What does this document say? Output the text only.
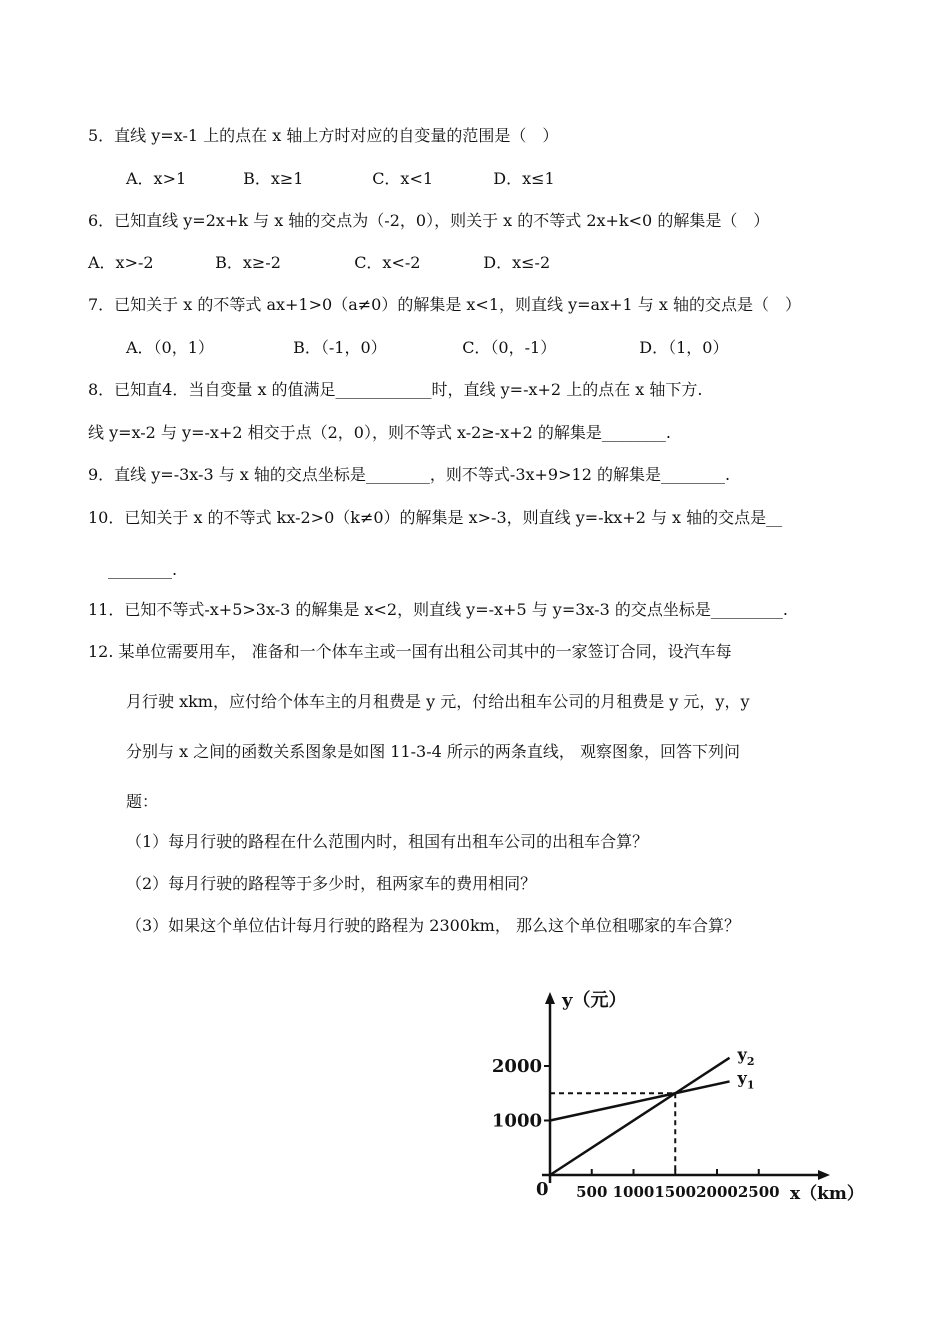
5．直线 y=x-1 上的点在 x 轴上方时对应的自变量的范围是（　）
A．x>1	B．x≥1	C．x<1	D．x≤1
6．已知直线 y=2x+k 与 x 轴的交点为（-2，0），则关于 x 的不等式 2x+k<0 的解集是（　）
A．x>-2	B．x≥-2	C．x<-2	D．x≤-2
7．已知关于 x 的不等式 ax+1>0（a≠0）的解集是 x<1，则直线 y=ax+1 与 x 轴的交点是（　）
A．（0，1）	B．（-1，0）	C．（0，-1）	D．（1，0）
8．已知直4．当自变量 x 的值满足____________时，直线 y=-x+2 上的点在 x 轴下方.
线 y=x-2 与 y=-x+2 相交于点（2，0），则不等式 x-2≥-x+2 的解集是________.
9．直线 y=-3x-3 与 x 轴的交点坐标是________，则不等式-3x+9>12 的解集是________.
10．已知关于 x 的不等式 kx-2>0（k≠0）的解集是 x>-3，则直线 y=-kx+2 与 x 轴的交点是__
________.
11．已知不等式-x+5>3x-3 的解集是 x<2，则直线 y=-x+5 与 y=3x-3 的交点坐标是_________.
12. 某单位需要用车， 准备和一个体车主或一国有出租公司其中的一家签订合同，设汽车每
月行驶 xkm，应付给个体车主的月租费是 y 元，付给出租车公司的月租费是 y 元，y，y
分别与 x 之间的函数关系图象是如图 11-3-4 所示的两条直线， 观察图象，回答下列问
题：
（1）每月行驶的路程在什么范围内时，租国有出租车公司的出租车合算？
（2）每月行驶的路程等于多少时，租两家车的费用相同？
（3）如果这个单位估计每月行驶的路程为 2300km， 那么这个单位租哪家的车合算？
500 1000 1500 2000 2500
1000
2000
$y_2$
$y_1$
y（元）
x（km）
0
